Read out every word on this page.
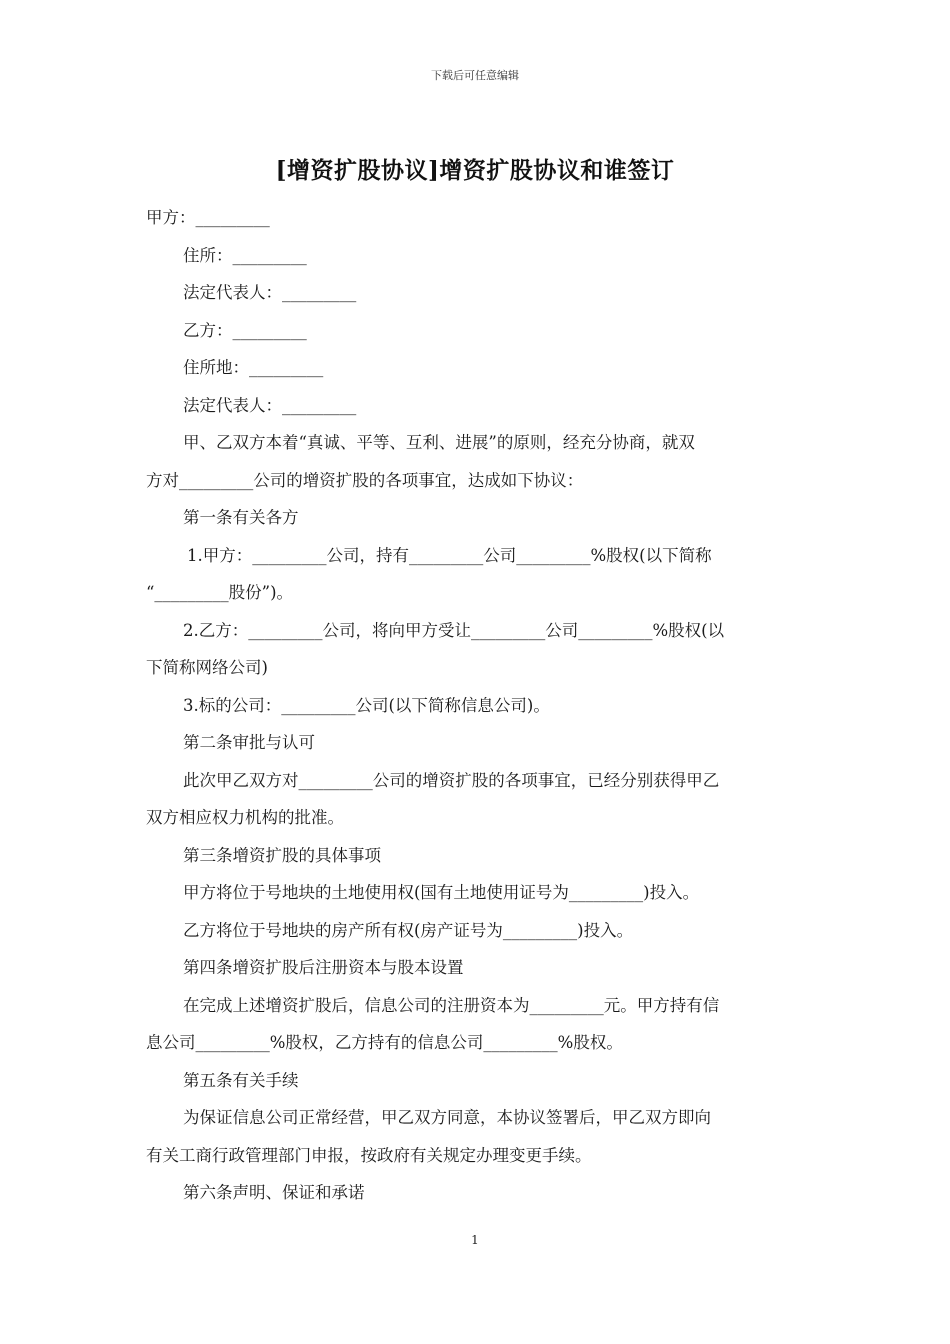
下载后可任意编辑
[增资扩股协议]增资扩股协议和谁签订
甲方：_________
住所：_________
法定代表人：_________
乙方：_________
住所地：_________
法定代表人：_________
甲、乙双方本着“真诚、平等、互利、进展”的原则，经充分协商，就双
方对_________公司的增资扩股的各项事宜，达成如下协议：
第一条有关各方
1.甲方：_________公司，持有_________公司_________%股权(以下简称
“_________股份”)。
2.乙方：_________公司，将向甲方受让_________公司_________%股权(以
下简称网络公司)
3.标的公司：_________公司(以下简称信息公司)。
第二条审批与认可
此次甲乙双方对_________公司的增资扩股的各项事宜，已经分别获得甲乙
双方相应权力机构的批准。
第三条增资扩股的具体事项
甲方将位于号地块的土地使用权(国有土地使用证号为_________)投入。
乙方将位于号地块的房产所有权(房产证号为_________)投入。
第四条增资扩股后注册资本与股本设置
在完成上述增资扩股后，信息公司的注册资本为_________元。甲方持有信
息公司_________%股权，乙方持有的信息公司_________%股权。
第五条有关手续
为保证信息公司正常经营，甲乙双方同意，本协议签署后，甲乙双方即向
有关工商行政管理部门申报，按政府有关规定办理变更手续。
第六条声明、保证和承诺
1
